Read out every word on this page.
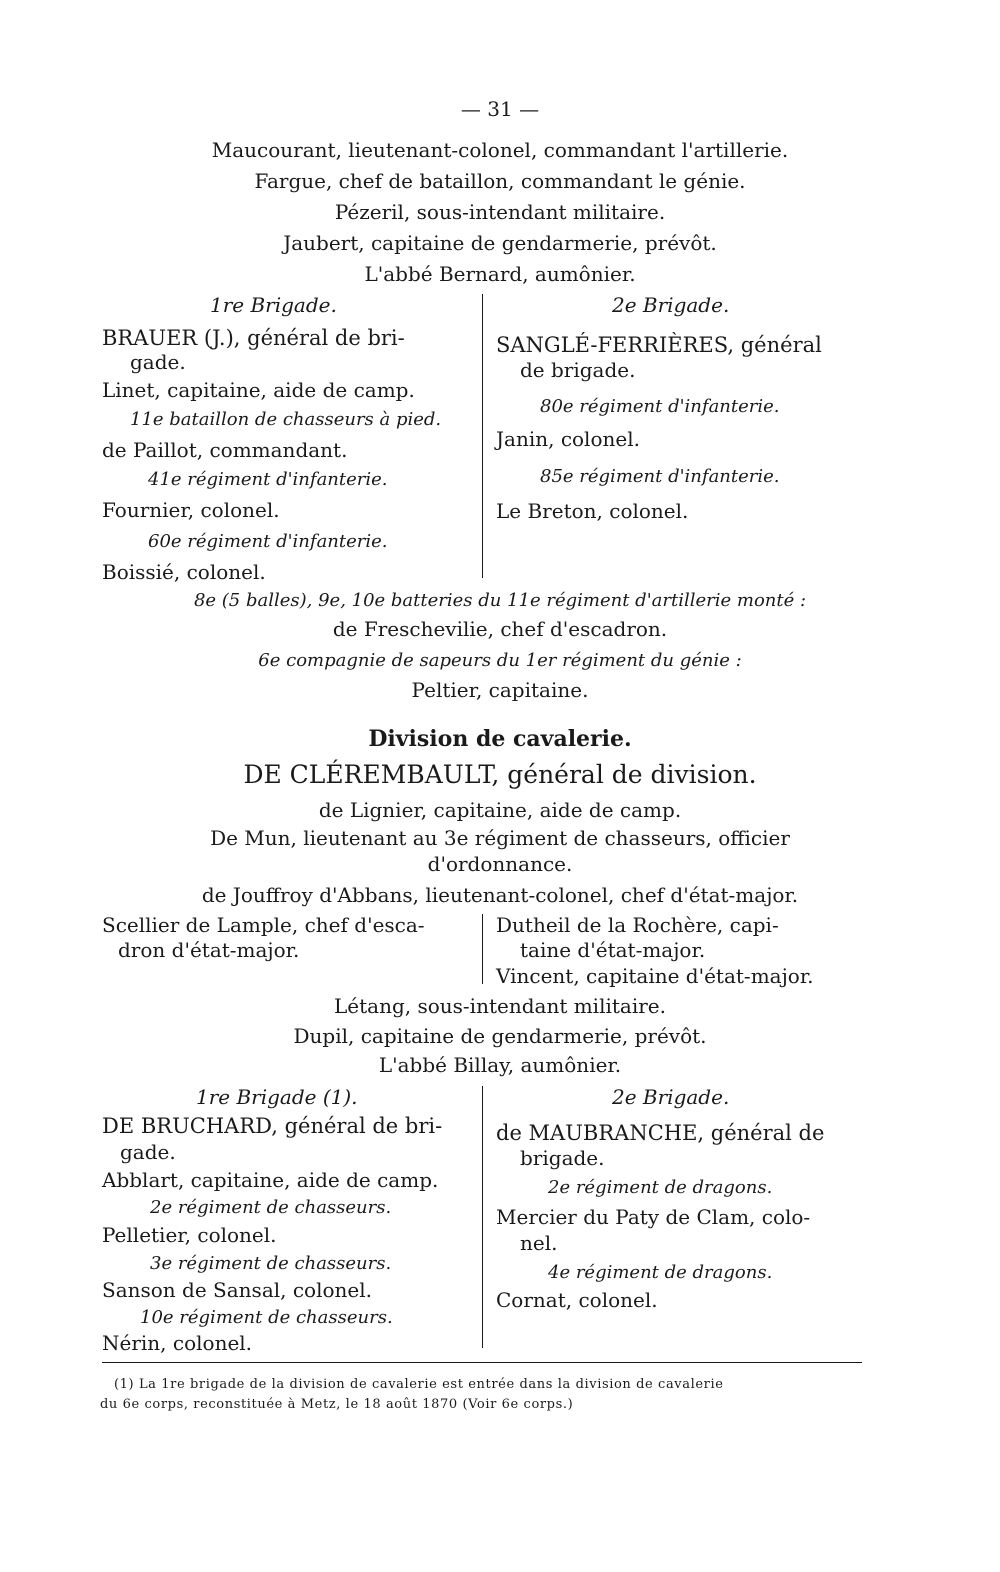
— 31 —
Maucourant, lieutenant-colonel, commandant l'artillerie.
Fargue, chef de bataillon, commandant le génie.
Pézeril, sous-intendant militaire.
Jaubert, capitaine de gendarmerie, prévôt.
L'abbé Bernard, aumônier.
1re Brigade.
BRAUER (J.), général de bri-
gade.
Linet, capitaine, aide de camp.
11e bataillon de chasseurs à pied.
de Paillot, commandant.
41e régiment d'infanterie.
Fournier, colonel.
60e régiment d'infanterie.
Boissié, colonel.
2e Brigade.
SANGLÉ-FERRIÈRES, général
de brigade.
80e régiment d'infanterie.
Janin, colonel.
85e régiment d'infanterie.
Le Breton, colonel.
8e (5 balles), 9e, 10e batteries du 11e régiment d'artillerie monté :
de Freschevilie, chef d'escadron.
6e compagnie de sapeurs du 1er régiment du génie :
Peltier, capitaine.
Division de cavalerie.
DE CLÉREMBAULT, général de division.
de Lignier, capitaine, aide de camp.
De Mun, lieutenant au 3e régiment de chasseurs, officier
d'ordonnance.
de Jouffroy d'Abbans, lieutenant-colonel, chef d'état-major.
Scellier de Lample, chef d'esca-
dron d'état-major.
Dutheil de la Rochère, capi-
taine d'état-major.
Vincent, capitaine d'état-major.
Létang, sous-intendant militaire.
Dupil, capitaine de gendarmerie, prévôt.
L'abbé Billay, aumônier.
1re Brigade (1).
DE BRUCHARD, général de bri-
gade.
Abblart, capitaine, aide de camp.
2e régiment de chasseurs.
Pelletier, colonel.
3e régiment de chasseurs.
Sanson de Sansal, colonel.
10e régiment de chasseurs.
Nérin, colonel.
2e Brigade.
de MAUBRANCHE, général de
brigade.
2e régiment de dragons.
Mercier du Paty de Clam, colo-
nel.
4e régiment de dragons.
Cornat, colonel.
(1) La 1re brigade de la division de cavalerie est entrée dans la division de cavalerie
du 6e corps, reconstituée à Metz, le 18 août 1870 (Voir 6e corps.)
